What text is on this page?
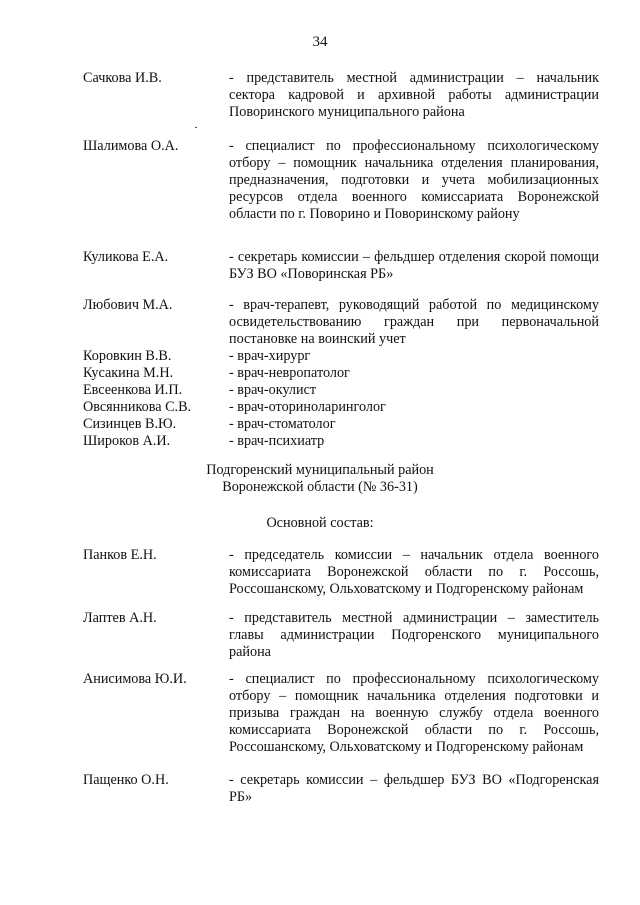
34
Сачкова И.В.	- представитель местной администрации – начальник сектора кадровой и архивной работы администрации Поворинского муниципального района
Шалимова О.А.	- специалист по профессиональному психологическому отбору – помощник начальника отделения планирования, предназначения, подготовки и учета мобилизационных ресурсов отдела военного комиссариата Воронежской области по г. Поворино и Поворинскому району
Куликова Е.А.	- секретарь комиссии – фельдшер отделения скорой помощи БУЗ ВО «Поворинская РБ»
Любович М.А.	- врач-терапевт, руководящий работой по медицинскому освидетельствованию граждан при первоначальной постановке на воинский учет
Коровкин В.В.	- врач-хирург
Кусакина М.Н.	- врач-невропатолог
Евсеенкова И.П.	- врач-окулист
Овсянникова С.В.	- врач-оториноларинголог
Сизинцев В.Ю.	- врач-стоматолог
Широков А.И.	- врач-психиатр
Подгоренский муниципальный район
Воронежской области (№ 36-31)
Основной состав:
Панков Е.Н.	- председатель комиссии – начальник отдела военного комиссариата Воронежской области по г. Россошь, Россошанскому, Ольховатскому и Подгоренскому районам
Лаптев А.Н.	- представитель местной администрации – заместитель главы администрации Подгоренского муниципального района
Анисимова Ю.И.	- специалист по профессиональному психологическому отбору – помощник начальника отделения подготовки и призыва граждан на военную службу отдела военного комиссариата Воронежской области по г. Россошь, Россошанскому, Ольховатскому и Подгоренскому районам
Пащенко О.Н.	- секретарь комиссии – фельдшер БУЗ ВО «Подгоренская РБ»
